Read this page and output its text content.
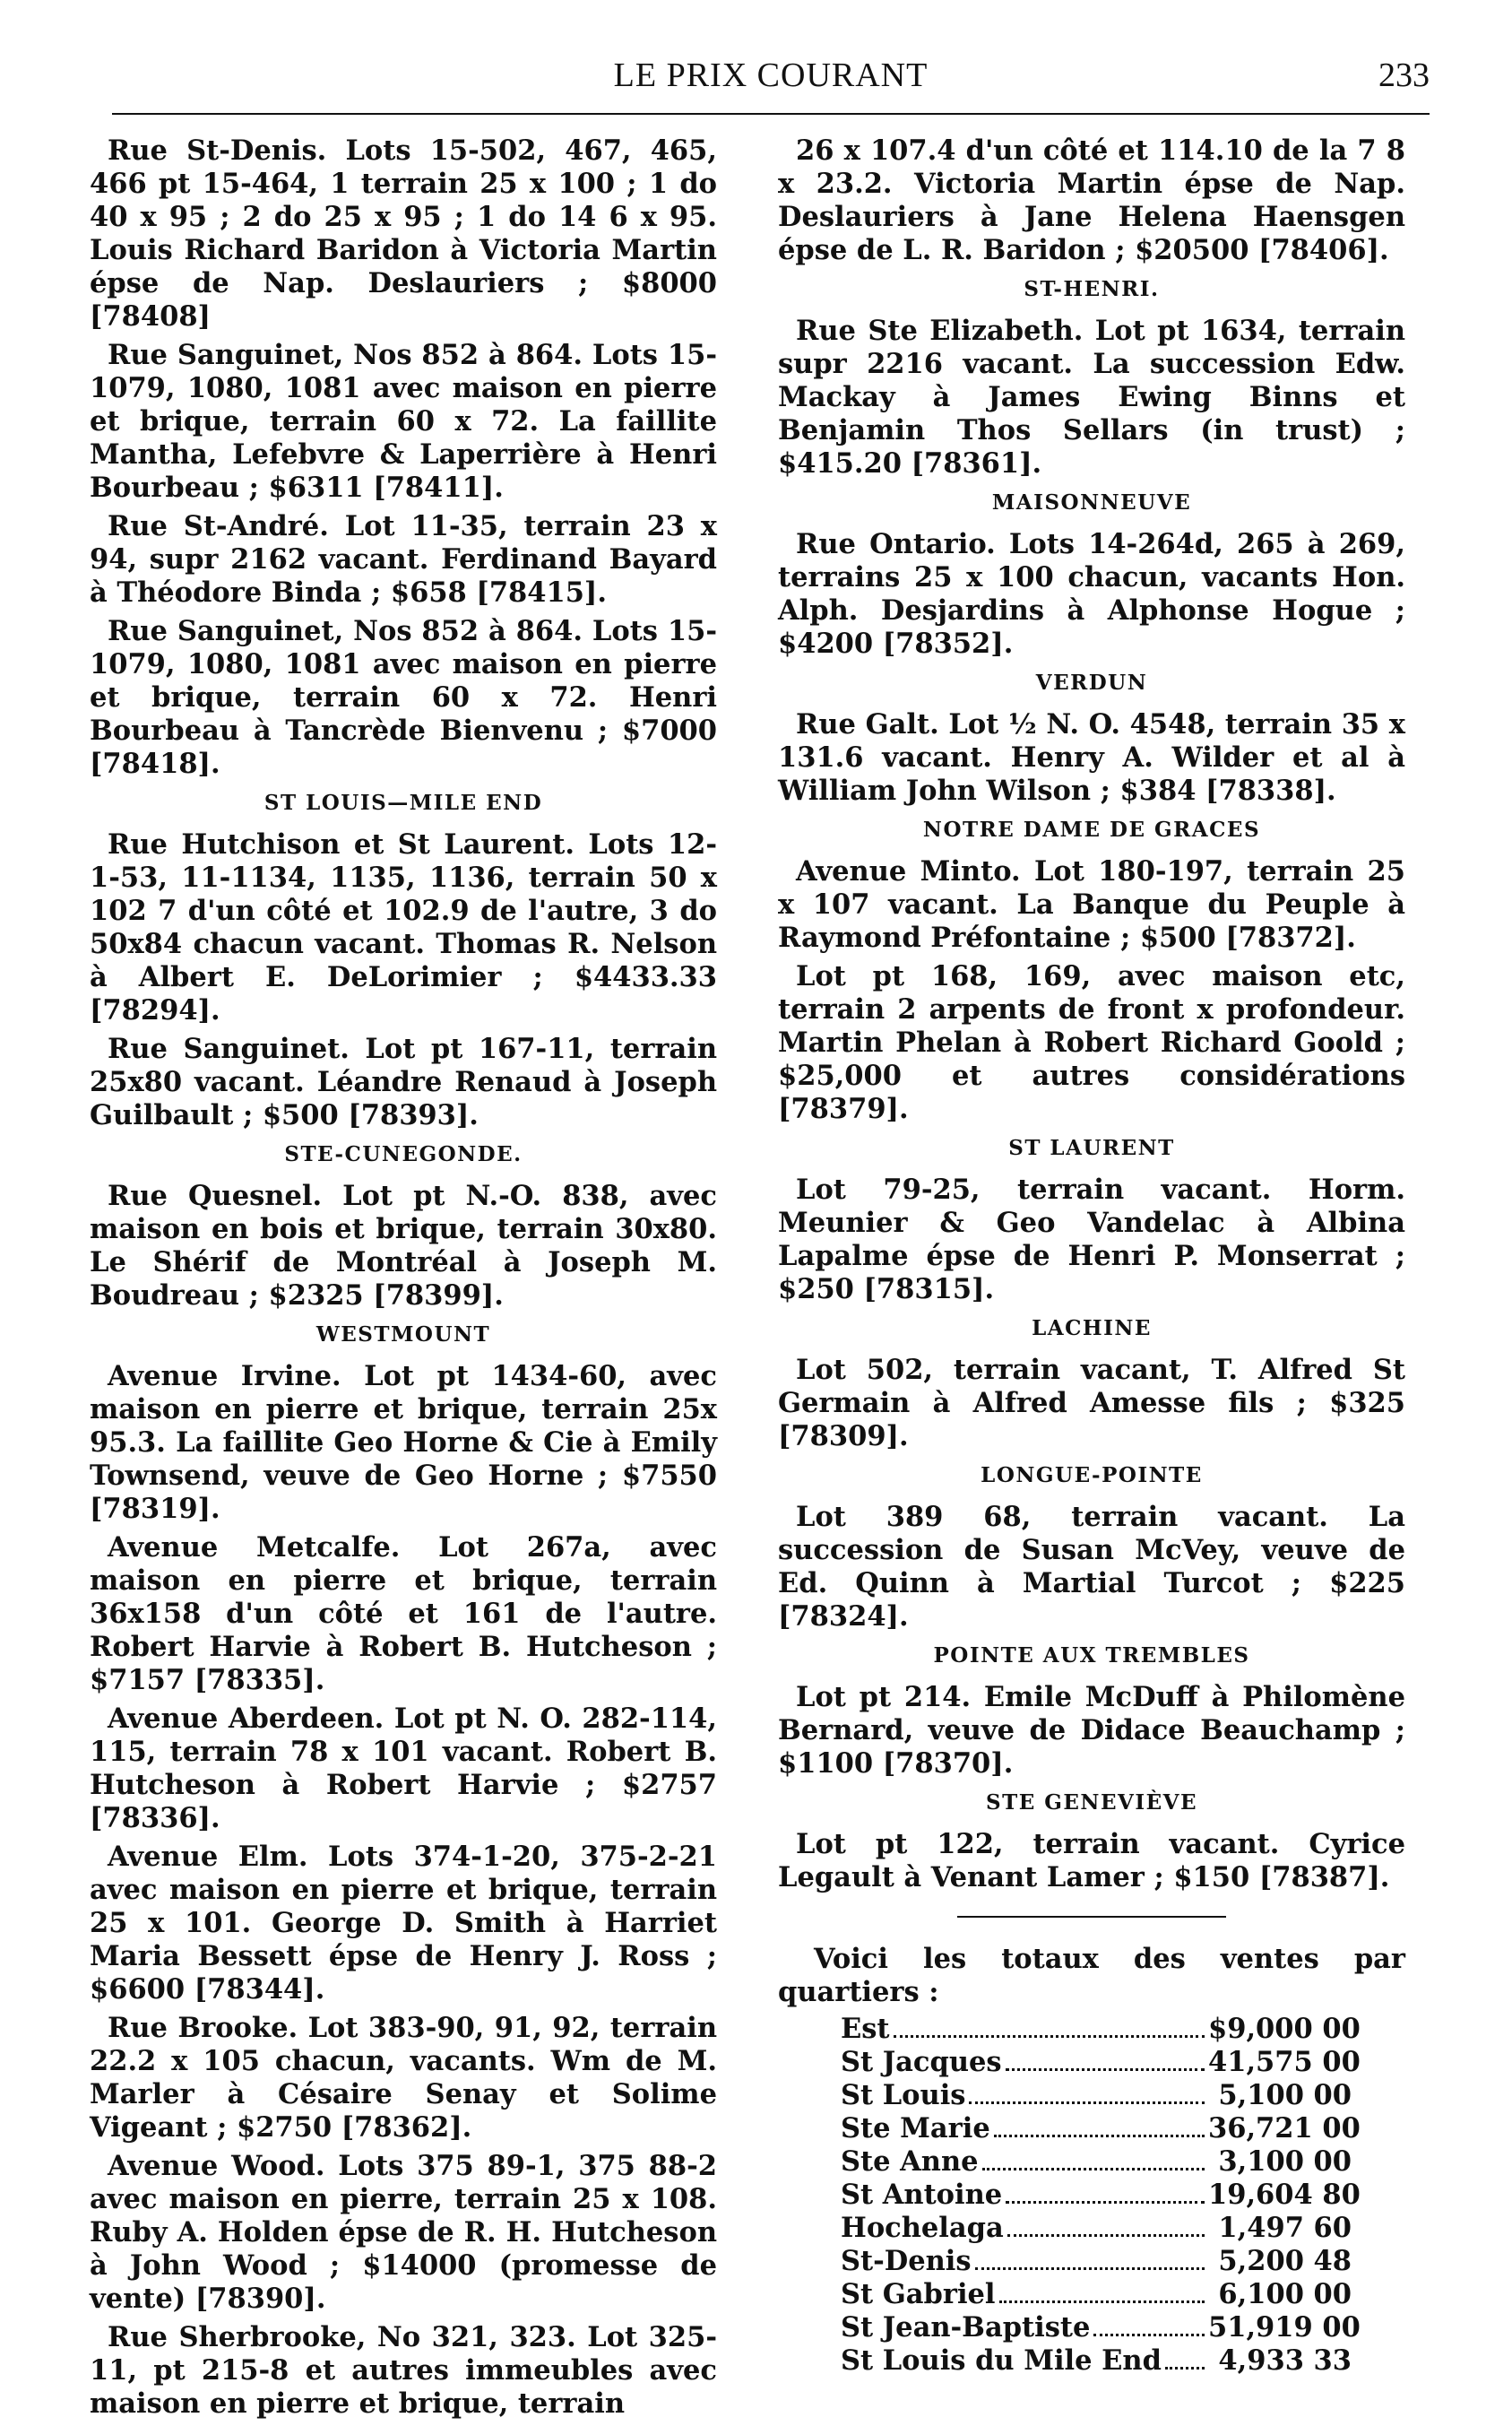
LE PRIX COURANT	233
Rue St-Denis. Lots 15-502, 467, 465, 466 pt 15-464, 1 terrain 25 x 100 ; 1 do 40 x 95 ; 2 do 25 x 95 ; 1 do 14 6 x 95. Louis Richard Baridon à Victoria Martin épse de Nap. Deslauriers ; $8000 [78408]
Rue Sanguinet, Nos 852 à 864. Lots 15-1079, 1080, 1081 avec maison en pierre et brique, terrain 60 x 72. La faillite Mantha, Lefebvre & Laperrière à Henri Bourbeau ; $6311 [78411].
Rue St-André. Lot 11-35, terrain 23 x 94, supr 2162 vacant. Ferdinand Bayard à Théodore Binda ; $658 [78415].
Rue Sanguinet, Nos 852 à 864. Lots 15-1079, 1080, 1081 avec maison en pierre et brique, terrain 60 x 72. Henri Bourbeau à Tancrède Bienvenu ; $7000 [78418].
ST LOUIS—MILE END
Rue Hutchison et St Laurent. Lots 12-1-53, 11-1134, 1135, 1136, terrain 50 x 102 7 d'un côté et 102.9 de l'autre, 3 do 50x84 chacun vacant. Thomas R. Nelson à Albert E. DeLorimier ; $4433.33 [78294].
Rue Sanguinet. Lot pt 167-11, terrain 25x80 vacant. Léandre Renaud à Joseph Guilbault ; $500 [78393].
STE-CUNEGONDE.
Rue Quesnel. Lot pt N.-O. 838, avec maison en bois et brique, terrain 30x80. Le Shérif de Montréal à Joseph M. Boudreau ; $2325 [78399].
WESTMOUNT
Avenue Irvine. Lot pt 1434-60, avec maison en pierre et brique, terrain 25x 95.3. La faillite Geo Horne & Cie à Emily Townsend, veuve de Geo Horne ; $7550 [78319].
Avenue Metcalfe. Lot 267a, avec maison en pierre et brique, terrain 36x158 d'un côté et 161 de l'autre. Robert Harvie à Robert B. Hutcheson ; $7157 [78335].
Avenue Aberdeen. Lot pt N. O. 282-114, 115, terrain 78 x 101 vacant. Robert B. Hutcheson à Robert Harvie ; $2757 [78336].
Avenue Elm. Lots 374-1-20, 375-2-21 avec maison en pierre et brique, terrain 25 x 101. George D. Smith à Harriet Maria Bessett épse de Henry J. Ross ; $6600 [78344].
Rue Brooke. Lot 383-90, 91, 92, terrain 22.2 x 105 chacun, vacants. Wm de M. Marler à Césaire Senay et Solime Vigeant ; $2750 [78362].
Avenue Wood. Lots 375 89-1, 375 88-2 avec maison en pierre, terrain 25 x 108. Ruby A. Holden épse de R. H. Hutcheson à John Wood ; $14000 (promesse de vente) [78390].
Rue Sherbrooke, No 321, 323. Lot 325-11, pt 215-8 et autres immeubles avec maison en pierre et brique, terrain
26 x 107.4 d'un côté et 114.10 de la 7 8 x 23.2. Victoria Martin épse de Nap. Deslauriers à Jane Helena Haensgen épse de L. R. Baridon ; $20500 [78406].
ST-HENRI.
Rue Ste Elizabeth. Lot pt 1634, terrain supr 2216 vacant. La succession Edw. Mackay à James Ewing Binns et Benjamin Thos Sellars (in trust) ; $415.20 [78361].
MAISONNEUVE
Rue Ontario. Lots 14-264d, 265 à 269, terrains 25 x 100 chacun, vacants Hon. Alph. Desjardins à Alphonse Hogue ; $4200 [78352].
VERDUN
Rue Galt. Lot ½ N. O. 4548, terrain 35 x 131.6 vacant. Henry A. Wilder et al à William John Wilson ; $384 [78338].
NOTRE DAME DE GRACES
Avenue Minto. Lot 180-197, terrain 25 x 107 vacant. La Banque du Peuple à Raymond Préfontaine ; $500 [78372].
Lot pt 168, 169, avec maison etc, terrain 2 arpents de front x profondeur. Martin Phelan à Robert Richard Goold ; $25,000 et autres considérations [78379].
ST LAURENT
Lot 79-25, terrain vacant. Horm. Meunier & Geo Vandelac à Albina Lapalme épse de Henri P. Monserrat ; $250 [78315].
LACHINE
Lot 502, terrain vacant, T. Alfred St Germain à Alfred Amesse fils ; $325 [78309].
LONGUE-POINTE
Lot 389 68, terrain vacant. La succession de Susan McVey, veuve de Ed. Quinn à Martial Turcot ; $225 [78324].
POINTE AUX TREMBLES
Lot pt 214. Emile McDuff à Philomène Bernard, veuve de Didace Beauchamp ; $1100 [78370].
STE GENEVIÈVE
Lot pt 122, terrain vacant. Cyrice Legault à Venant Lamer ; $150 [78387].
Voici les totaux des ventes par quartiers :
Est	$9,000 00
St Jacques	41,575 00
St Louis	5,100 00
Ste Marie	36,721 00
Ste Anne	3,100 00
St Antoine	19,604 80
Hochelaga	1,497 60
St-Denis	5,200 48
St Gabriel	6,100 00
St Jean-Baptiste	51,919 00
St Louis du Mile End	4,933 33
